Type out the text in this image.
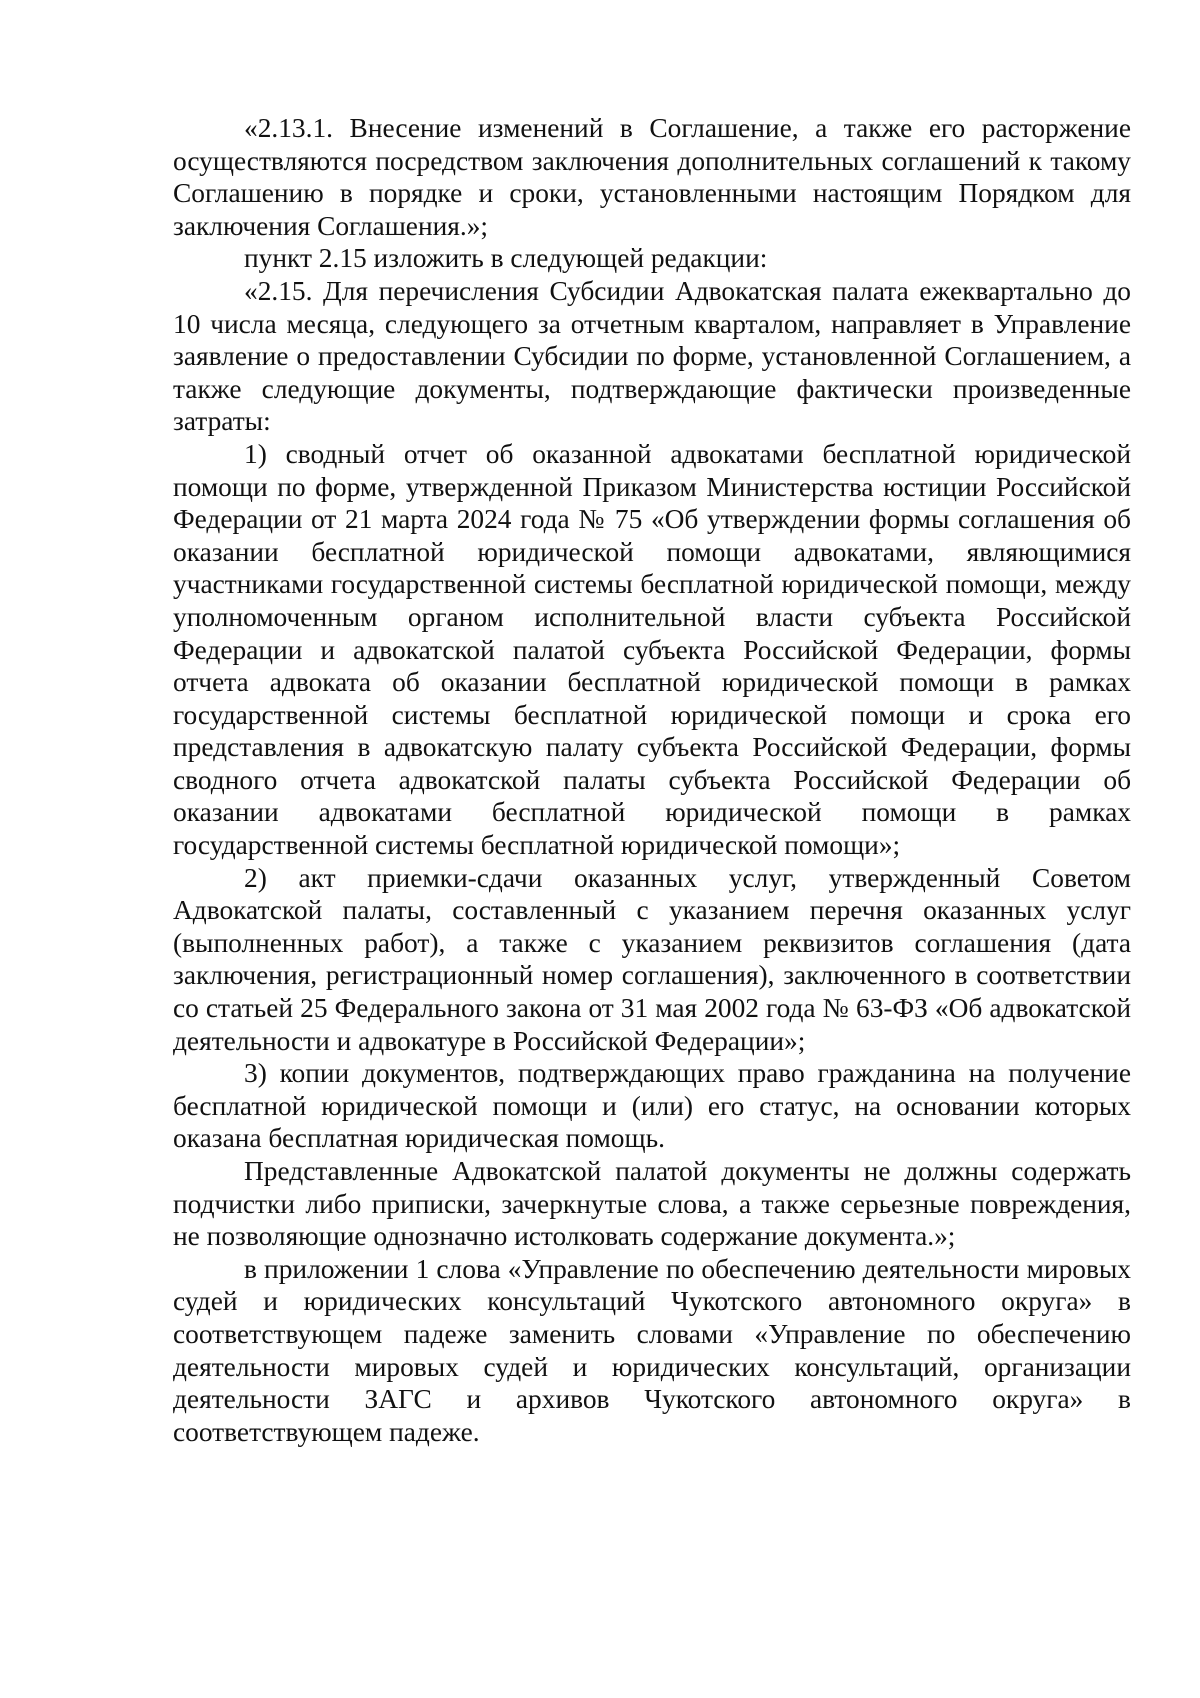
«2.13.1. Внесение изменений в Соглашение, а также его расторжение осуществляются посредством заключения дополнительных соглашений к такому Соглашению в порядке и сроки, установленными настоящим Порядком для заключения Соглашения.»;

пункт 2.15 изложить в следующей редакции:

«2.15. Для перечисления Субсидии Адвокатская палата ежеквартально до 10 числа месяца, следующего за отчетным кварталом, направляет в Управление заявление о предоставлении Субсидии по форме, установленной Соглашением, а также следующие документы, подтверждающие фактически произведенные затраты:

1) сводный отчет об оказанной адвокатами бесплатной юридической помощи по форме, утвержденной Приказом Министерства юстиции Российской Федерации от 21 марта 2024 года № 75 «Об утверждении формы соглашения об оказании бесплатной юридической помощи адвокатами, являющимися участниками государственной системы бесплатной юридической помощи, между уполномоченным органом исполнительной власти субъекта Российской Федерации и адвокатской палатой субъекта Российской Федерации, формы отчета адвоката об оказании бесплатной юридической помощи в рамках государственной системы бесплатной юридической помощи и срока его представления в адвокатскую палату субъекта Российской Федерации, формы сводного отчета адвокатской палаты субъекта Российской Федерации об оказании адвокатами бесплатной юридической помощи в рамках государственной системы бесплатной юридической помощи»;

2) акт приемки-сдачи оказанных услуг, утвержденный Советом Адвокатской палаты, составленный с указанием перечня оказанных услуг (выполненных работ), а также с указанием реквизитов соглашения (дата заключения, регистрационный номер соглашения), заключенного в соответствии со статьей 25 Федерального закона от 31 мая 2002 года № 63-ФЗ «Об адвокатской деятельности и адвокатуре в Российской Федерации»;

3) копии документов, подтверждающих право гражданина на получение бесплатной юридической помощи и (или) его статус, на основании которых оказана бесплатная юридическая помощь.

Представленные Адвокатской палатой документы не должны содержать подчистки либо приписки, зачеркнутые слова, а также серьезные повреждения, не позволяющие однозначно истолковать содержание документа.»;

в приложении 1 слова «Управление по обеспечению деятельности мировых судей и юридических консультаций Чукотского автономного округа» в соответствующем падеже заменить словами «Управление по обеспечению деятельности мировых судей и юридических консультаций, организации деятельности ЗАГС и архивов Чукотского автономного округа» в соответствующем падеже.
